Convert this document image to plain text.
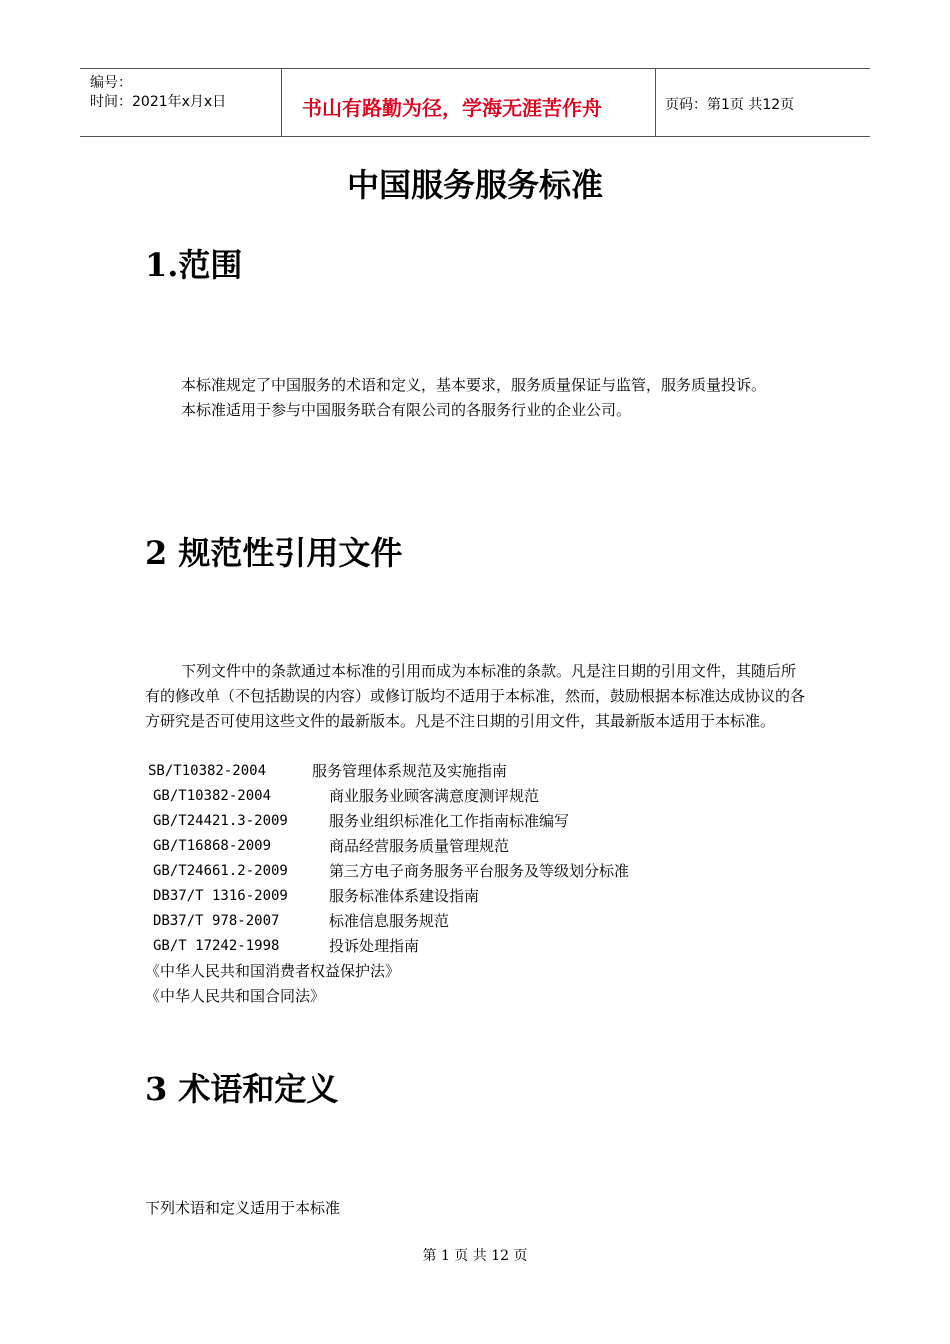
编号：
时间：2021年x月x日	书山有路勤为径，学海无涯苦作舟	页码：第1页 共12页
中国服务服务标准
1.范围

本标准规定了中国服务的术语和定义，基本要求，服务质量保证与监管，服务质量投诉。

本标准适用于参与中国服务联合有限公司的各服务行业的企业公司。

2 规范性引用文件

下列文件中的条款通过本标准的引用而成为本标准的条款。凡是注日期的引用文件，其随后所有的修改单（不包括勘误的内容）或修订版均不适用于本标准，然而，鼓励根据本标准达成协议的各方研究是否可使用这些文件的最新版本。凡是不注日期的引用文件，其最新版本适用于本标准。

SB/T10382-2004	服务管理体系规范及实施指南
GB/T10382-2004	商业服务业顾客满意度测评规范
GB/T24421.3-2009	服务业组织标准化工作指南标准编写
GB/T16868-2009	商品经营服务质量管理规范
GB/T24661.2-2009	第三方电子商务服务平台服务及等级划分标准
DB37/T 1316-2009	服务标准体系建设指南
DB37/T 978-2007	标准信息服务规范
GB/T 17242-1998	投诉处理指南
《中华人民共和国消费者权益保护法》
《中华人民共和国合同法》
3 术语和定义

下列术语和定义适用于本标准

第 1 页 共 12 页
